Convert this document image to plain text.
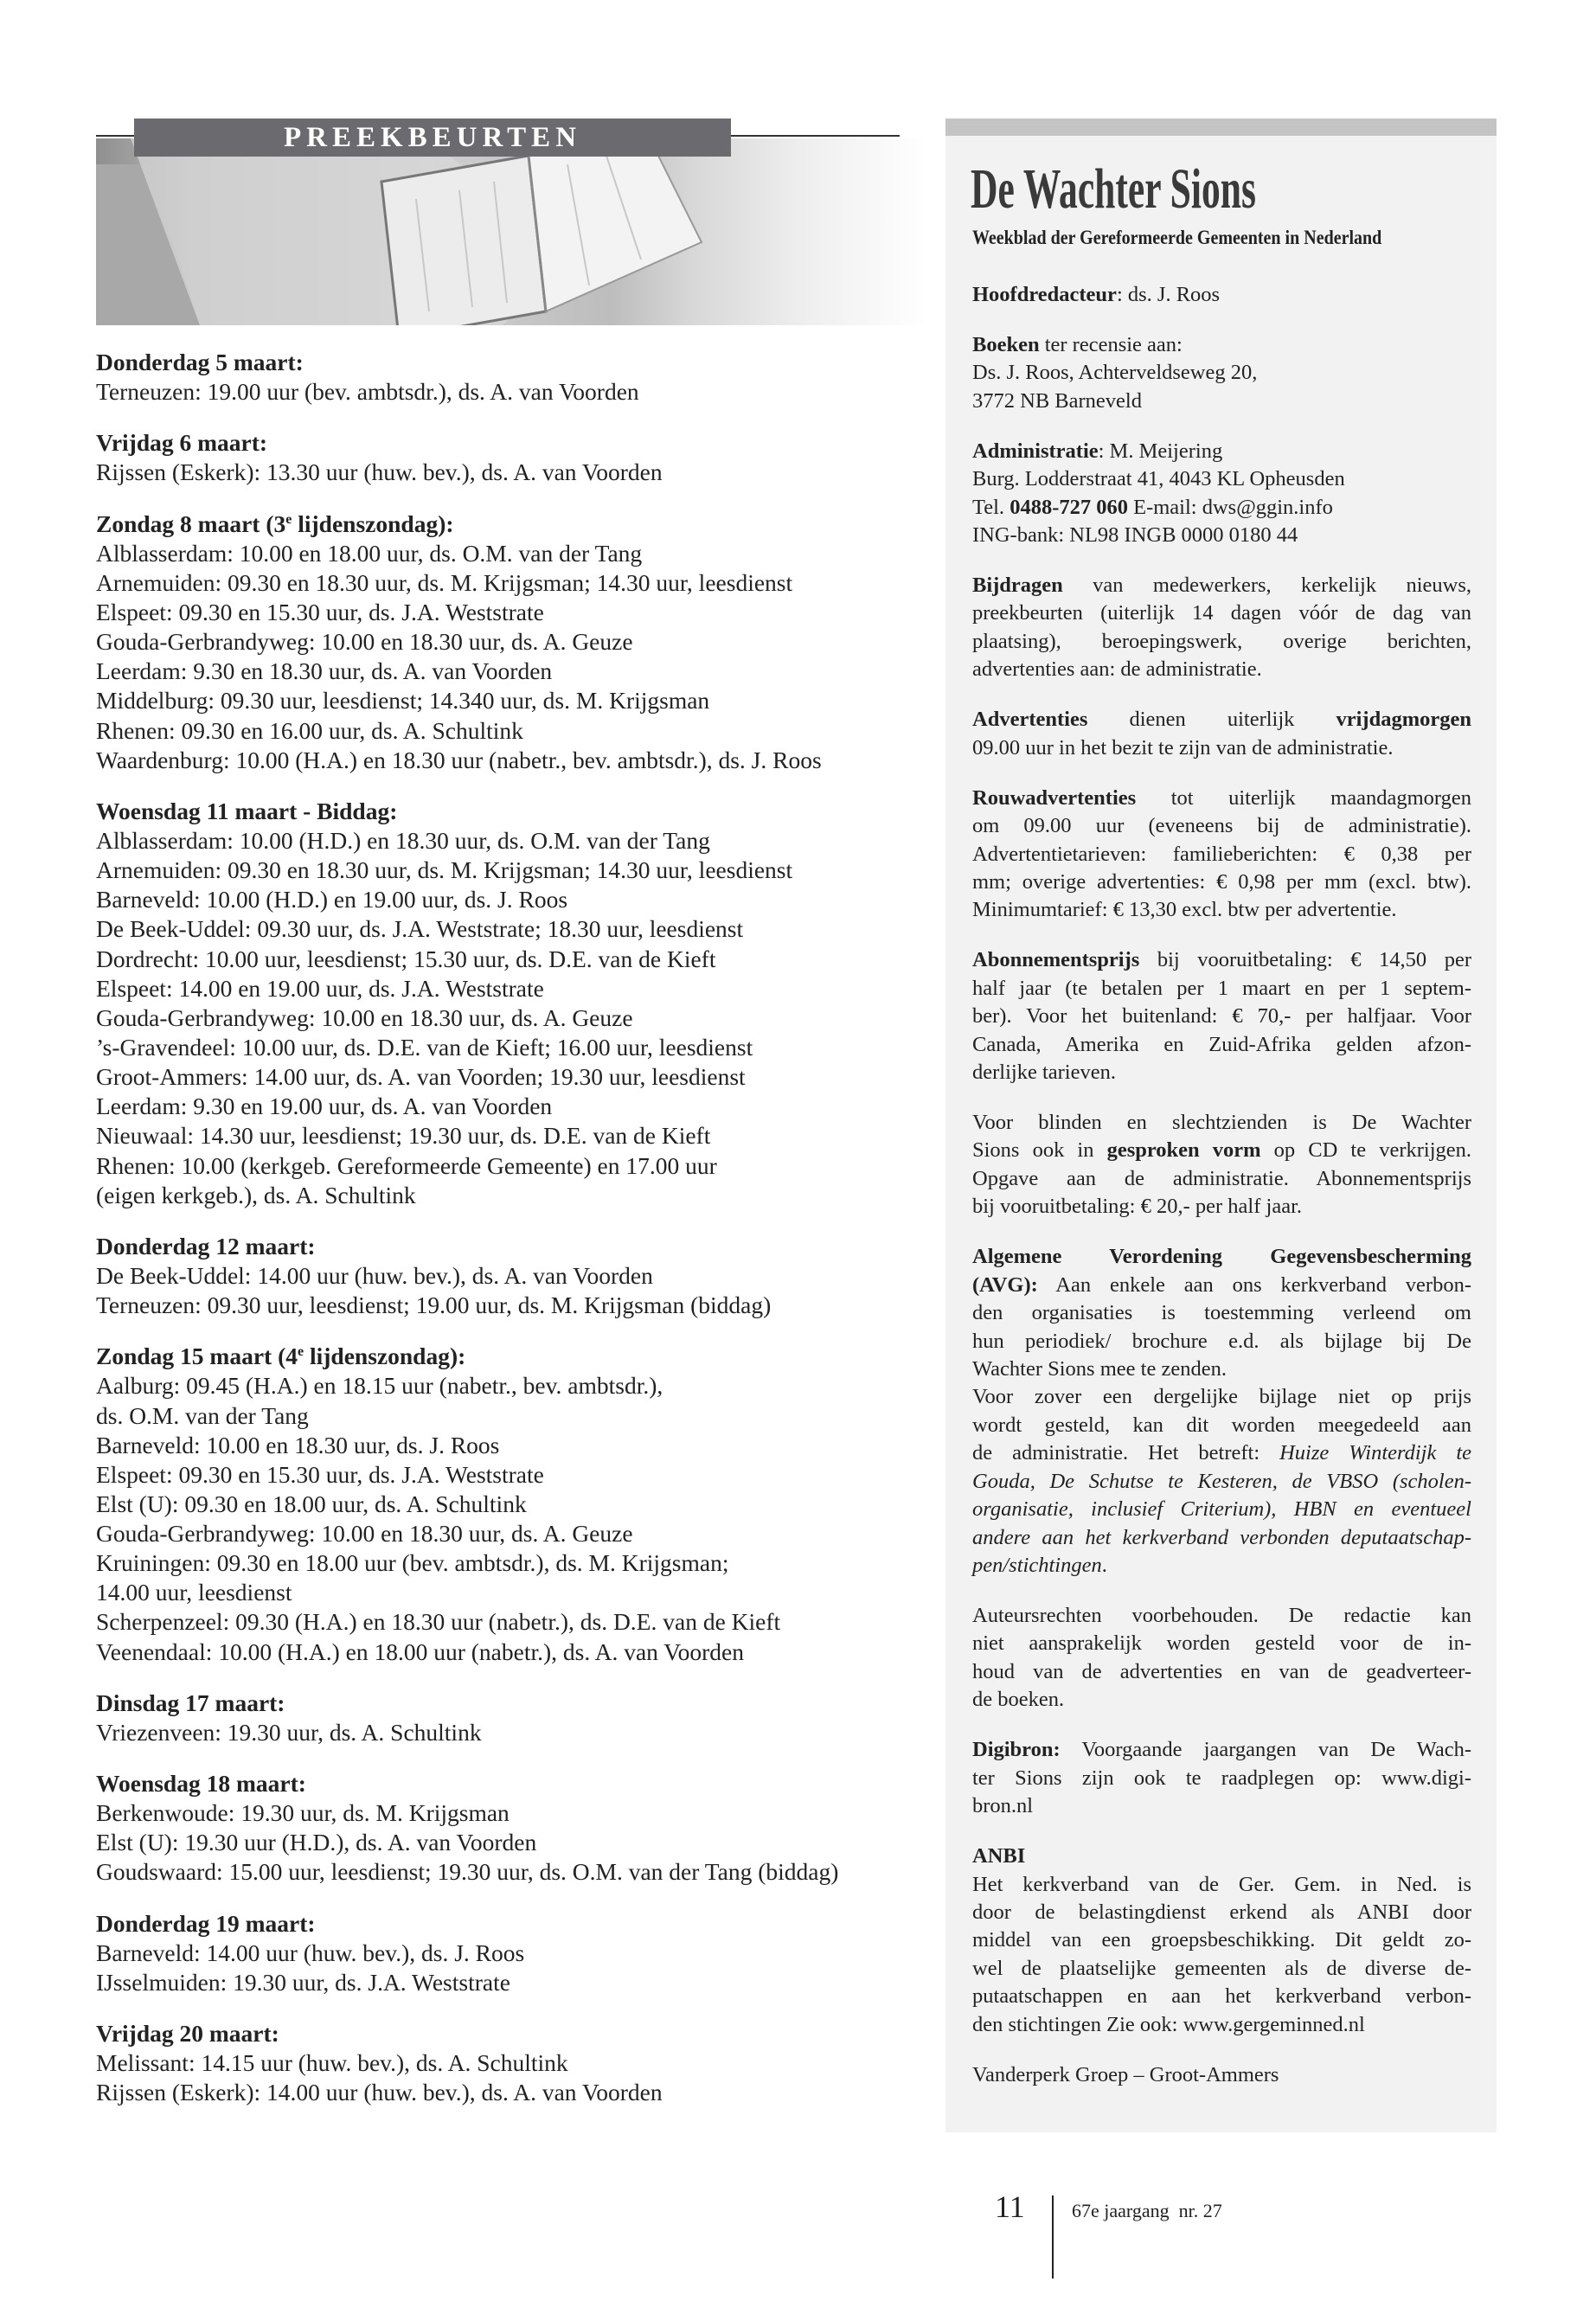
PREEKBEURTEN
Donderdag 5 maart:
Terneuzen: 19.00 uur (bev. ambtsdr.), ds. A. van Voorden
Vrijdag 6 maart:
Rijssen (Eskerk): 13.30 uur (huw. bev.), ds. A. van Voorden
Zondag 8 maart (3e lijdenszondag):
Alblasserdam: 10.00 en 18.00 uur, ds. O.M. van der Tang
Arnemuiden: 09.30 en 18.30 uur, ds. M. Krijgsman; 14.30 uur, leesdienst
Elspeet: 09.30 en 15.30 uur, ds. J.A. Weststrate
Gouda-Gerbrandyweg: 10.00 en 18.30 uur, ds. A. Geuze
Leerdam: 9.30 en 18.30 uur, ds. A. van Voorden
Middelburg: 09.30 uur, leesdienst; 14.340 uur, ds. M. Krijgsman
Rhenen: 09.30 en 16.00 uur, ds. A. Schultink
Waardenburg: 10.00 (H.A.) en 18.30 uur (nabetr., bev. ambtsdr.), ds. J. Roos
Woensdag 11 maart - Biddag:
Alblasserdam: 10.00 (H.D.) en 18.30 uur, ds. O.M. van der Tang
Arnemuiden: 09.30 en 18.30 uur, ds. M. Krijgsman; 14.30 uur, leesdienst
Barneveld: 10.00 (H.D.) en 19.00 uur, ds. J. Roos
De Beek-Uddel: 09.30 uur, ds. J.A. Weststrate; 18.30 uur, leesdienst
Dordrecht: 10.00 uur, leesdienst; 15.30 uur, ds. D.E. van de Kieft
Elspeet: 14.00 en 19.00 uur, ds. J.A. Weststrate
Gouda-Gerbrandyweg: 10.00 en 18.30 uur, ds. A. Geuze
’s-Gravendeel: 10.00 uur, ds. D.E. van de Kieft; 16.00 uur, leesdienst
Groot-Ammers: 14.00 uur, ds. A. van Voorden; 19.30 uur, leesdienst
Leerdam: 9.30 en 19.00 uur, ds. A. van Voorden
Nieuwaal: 14.30 uur, leesdienst; 19.30 uur, ds. D.E. van de Kieft
Rhenen: 10.00 (kerkgeb. Gereformeerde Gemeente) en 17.00 uur
(eigen kerkgeb.), ds. A. Schultink
Donderdag 12 maart:
De Beek-Uddel: 14.00 uur (huw. bev.), ds. A. van Voorden
Terneuzen: 09.30 uur, leesdienst; 19.00 uur, ds. M. Krijgsman (biddag)
Zondag 15 maart (4e lijdenszondag):
Aalburg: 09.45 (H.A.) en 18.15 uur (nabetr., bev. ambtsdr.),
ds. O.M. van der Tang
Barneveld: 10.00 en 18.30 uur, ds. J. Roos
Elspeet: 09.30 en 15.30 uur, ds. J.A. Weststrate
Elst (U): 09.30 en 18.00 uur, ds. A. Schultink
Gouda-Gerbrandyweg: 10.00 en 18.30 uur, ds. A. Geuze
Kruiningen: 09.30 en 18.00 uur (bev. ambtsdr.), ds. M. Krijgsman;
14.00 uur, leesdienst
Scherpenzeel: 09.30 (H.A.) en 18.30 uur (nabetr.), ds. D.E. van de Kieft
Veenendaal: 10.00 (H.A.) en 18.00 uur (nabetr.), ds. A. van Voorden
Dinsdag 17 maart:
Vriezenveen: 19.30 uur, ds. A. Schultink
Woensdag 18 maart:
Berkenwoude: 19.30 uur, ds. M. Krijgsman
Elst (U): 19.30 uur (H.D.), ds. A. van Voorden
Goudswaard: 15.00 uur, leesdienst; 19.30 uur, ds. O.M. van der Tang (biddag)
Donderdag 19 maart:
Barneveld: 14.00 uur (huw. bev.), ds. J. Roos
IJsselmuiden: 19.30 uur, ds. J.A. Weststrate
Vrijdag 20 maart:
Melissant: 14.15 uur (huw. bev.), ds. A. Schultink
Rijssen (Eskerk): 14.00 uur (huw. bev.), ds. A. van Voorden
De Wachter Sions
Weekblad der Gereformeerde Gemeenten in Nederland
Hoofdredacteur: ds. J. Roos
Boeken ter recensie aan:
Ds. J. Roos, Achterveldseweg 20,
3772 NB Barneveld
Administratie: M. Meijering
Burg. Lodderstraat 41, 4043 KL Opheusden
Tel. 0488-727 060 E-mail: dws@ggin.info
ING-bank: NL98 INGB 0000 0180 44
Bijdragen van medewerkers, kerkelijk nieuws,
preekbeurten (uiterlijk 14 dagen vóór de dag van
plaatsing), beroepingswerk, overige berichten,
advertenties aan: de administratie.
Advertenties dienen uiterlijk vrijdagmorgen
09.00 uur in het bezit te zijn van de administratie.
Rouwadvertenties tot uiterlijk maandagmorgen
om 09.00 uur (eveneens bij de administratie).
Advertentietarieven: familieberichten: € 0,38 per
mm; overige advertenties: € 0,98 per mm (excl. btw).
Minimumtarief: € 13,30 excl. btw per advertentie.
Abonnementsprijs bij vooruitbetaling: € 14,50 per
half jaar (te betalen per 1 maart en per 1 septem-
ber). Voor het buitenland: € 70,- per halfjaar. Voor
Canada, Amerika en Zuid-Afrika gelden afzon-
derlijke tarieven.
Voor blinden en slechtzienden is De Wachter
Sions ook in gesproken vorm op CD te verkrijgen.
Opgave aan de administratie. Abonnementsprijs
bij vooruitbetaling: € 20,- per half jaar.
Algemene Verordening Gegevensbescherming
(AVG): Aan enkele aan ons kerkverband verbon-
den organisaties is toestemming verleend om
hun periodiek/ brochure e.d. als bijlage bij De
Wachter Sions mee te zenden.
Voor zover een dergelijke bijlage niet op prijs
wordt gesteld, kan dit worden meegedeeld aan
de administratie. Het betreft: Huize Winterdijk te
Gouda, De Schutse te Kesteren, de VBSO (scholen-
organisatie, inclusief Criterium), HBN en eventueel
andere aan het kerkverband verbonden deputaatschap-
pen/stichtingen.
Auteursrechten voorbehouden. De redactie kan
niet aansprakelijk worden gesteld voor de in-
houd van de advertenties en van de geadverteer-
de boeken.
Digibron: Voorgaande jaargangen van De Wach-
ter Sions zijn ook te raadplegen op: www.digi-
bron.nl
ANBI
Het kerkverband van de Ger. Gem. in Ned. is
door de belastingdienst erkend als ANBI door
middel van een groepsbeschikking. Dit geldt zo-
wel de plaatselijke gemeenten als de diverse de-
putaatschappen en aan het kerkverband verbon-
den stichtingen Zie ook: www.gergeminned.nl
Vanderperk Groep – Groot-Ammers
11 67e jaargang  nr. 27
